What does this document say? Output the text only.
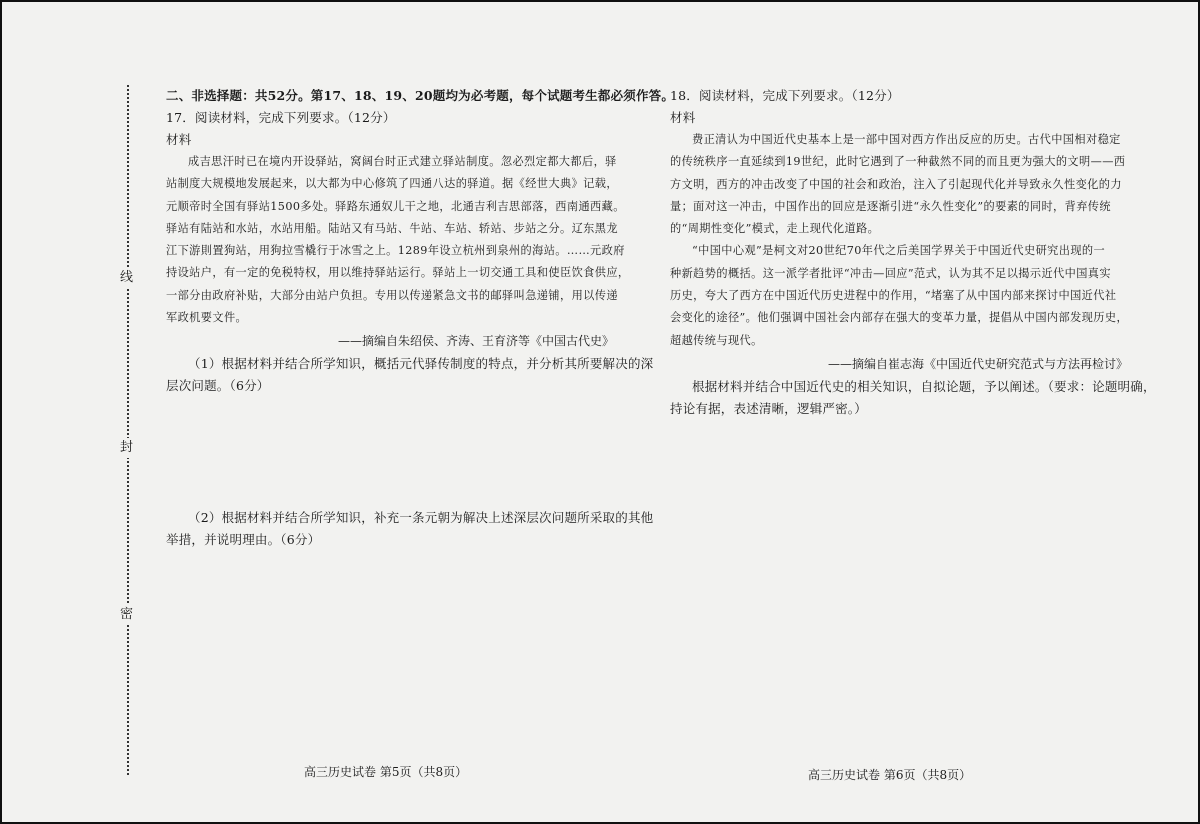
线
封
密
二、非选择题：共52分。第17、18、19、20题均为必考题，每个试题考生都必须作答。
17．阅读材料，完成下列要求。（12分）
材料
成吉思汗时已在境内开设驿站，窝阔台时正式建立驿站制度。忽必烈定都大都后，驿
站制度大规模地发展起来，以大都为中心修筑了四通八达的驿道。据《经世大典》记载，
元顺帝时全国有驿站1500多处。驿路东通奴儿干之地，北通吉利吉思部落，西南通西藏。
驿站有陆站和水站，水站用船。陆站又有马站、牛站、车站、轿站、步站之分。辽东黑龙
江下游則置狗站，用狗拉雪橇行于冰雪之上。1289年设立杭州到泉州的海站。……元政府
持设站户，有一定的免税特权，用以维持驿站运行。驿站上一切交通工具和使臣饮食供应，
一部分由政府补贴，大部分由站户负担。专用以传递紧急文书的邮驿叫急递铺，用以传递
军政机要文件。
——摘编自朱绍侯、齐涛、王育济等《中国古代史》
（1）根据材料并结合所学知识，概括元代驿传制度的特点，并分析其所要解决的深
层次问题。（6分）
（2）根据材料并结合所学知识，补充一条元朝为解决上述深层次问题所采取的其他
举措，并说明理由。（6分）
18．阅读材料，完成下列要求。（12分）
材料
费正清认为中国近代史基本上是一部中国对西方作出反应的历史。古代中国相对稳定
的传统秩序一直延续到19世纪，此时它遇到了一种截然不同的而且更为强大的文明——西
方文明，西方的冲击改变了中国的社会和政治，注入了引起现代化并导致永久性变化的力
量；面对这一冲击，中国作出的回应是逐渐引进“永久性变化”的要素的同时，背弃传统
的“周期性变化”模式，走上现代化道路。
“中国中心观”是柯文对20世纪70年代之后美国学界关于中国近代史研究出现的一
种新趋势的概括。这一派学者批评“冲击—回应”范式，认为其不足以揭示近代中国真实
历史，夸大了西方在中国近代历史进程中的作用，“堵塞了从中国内部来探讨中国近代社
会变化的途径”。他们强调中国社会内部存在强大的变革力量，提倡从中国内部发现历史，
超越传统与现代。
——摘编自崔志海《中国近代史研究范式与方法再检讨》
根据材料并结合中国近代史的相关知识，自拟论题，予以阐述。（要求：论题明确，
持论有据，表述清晰，逻辑严密。）
高三历史试卷 第5页（共8页）	高三历史试卷 第6页（共8页）
